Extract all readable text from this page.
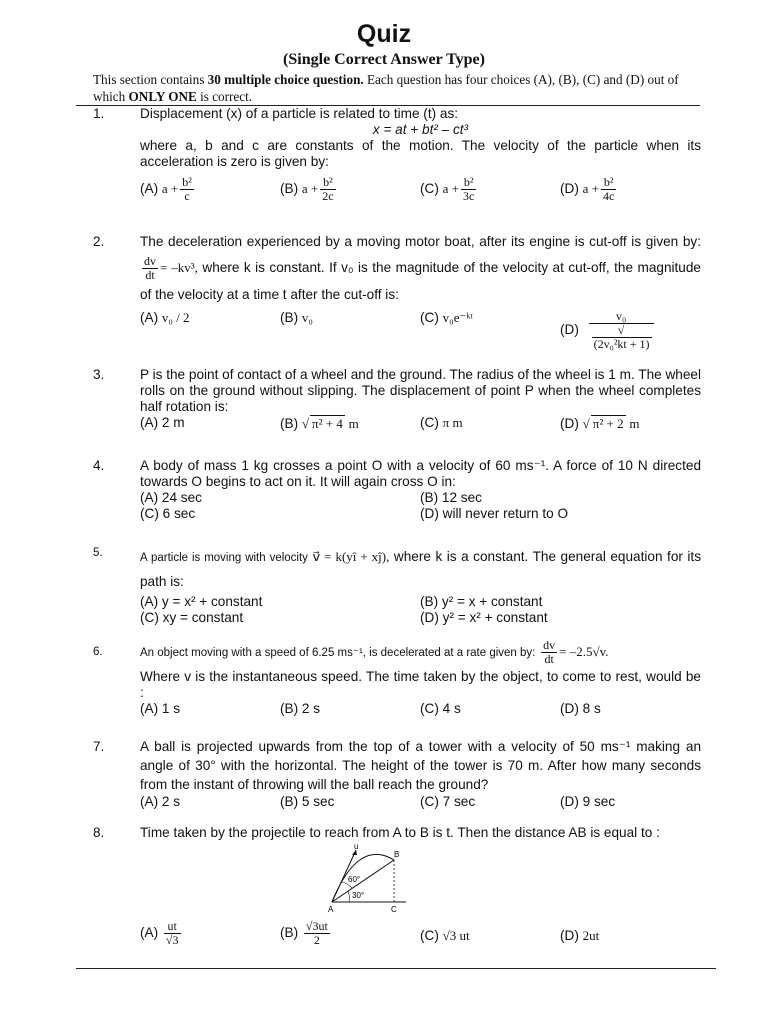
Quiz
(Single Correct Answer Type)
This section contains 30 multiple choice question. Each question has four choices (A), (B), (C) and (D) out of which ONLY ONE is correct.
1.	Displacement (x) of a particle is related to time (t) as:
x = at + bt² – ct³
where a, b and c are constants of the motion. The velocity of the particle when its acceleration is zero is given by:
(A) $a + \frac{\text{b²}}{c}$	(B) $a + \frac{\text{b²}}{2c}$	(C) $a + \frac{\text{b²}}{3c}$	(D) $a + \frac{\text{b²}}{4c}$
2.	The deceleration experienced by a moving motor boat, after its engine is cut-off is given by:
$\frac{dv}{dt} = -kv^3$, where k is constant. If v₀ is the magnitude of the velocity at cut-off, the magnitude of the velocity at a time t after the cut-off is:
(A) v₀ / 2	(B) v₀	(C) v₀e⁻ᵏᵗ
(D) v₀
√
(2v₀²kt + 1)
3.	P is the point of contact of a wheel and the ground. The radius of the wheel is 1 m. The wheel rolls on the ground without slipping. The displacement of point P when the wheel completes half rotation is:
(A) 2 m	(B) √ π² + 4 m	(C) π m	(D) √ π² + 2 m
4.	A body of mass 1 kg crosses a point O with a velocity of 60 ms⁻¹. A force of 10 N directed towards O begins to act on it. It will again cross O in:
(A) 24 sec	(B) 12 sec
(C) 6 sec	(D) will never return to O
5.	A particle is moving with velocity v⃗ = k(yî + xĵ), where k is a constant. The general equation for its path is:
(A) y = x² + constant	(B) y² = x + constant
(C) xy = constant	(D) y² = x² + constant
6.	An object moving with a speed of 6.25 ms⁻¹, is decelerated at a rate given by: $\frac{dv}{dt} = -2.5√v$.
Where v is the instantaneous speed. The time taken by the object, to come to rest, would be :
(A) 1 s	(B) 2 s	(C) 4 s	(D) 8 s
7.	A ball is projected upwards from the top of a tower with a velocity of 50 ms⁻¹ making an angle of 30° with the horizontal. The height of the tower is 70 m. After how many seconds from the instant of throwing will the ball reach the ground?
(A) 2 s	(B) 5 sec	(C) 7 sec	(D) 9 sec
8.	Time taken by the projectile to reach from A to B is t. Then the distance AB is equal to :
u
B
A	C
60°
30°
$(A) \frac{ut}{√3}$	$(B) \frac{√3ut}{2}$	(C) √3 ut	(D) 2ut
